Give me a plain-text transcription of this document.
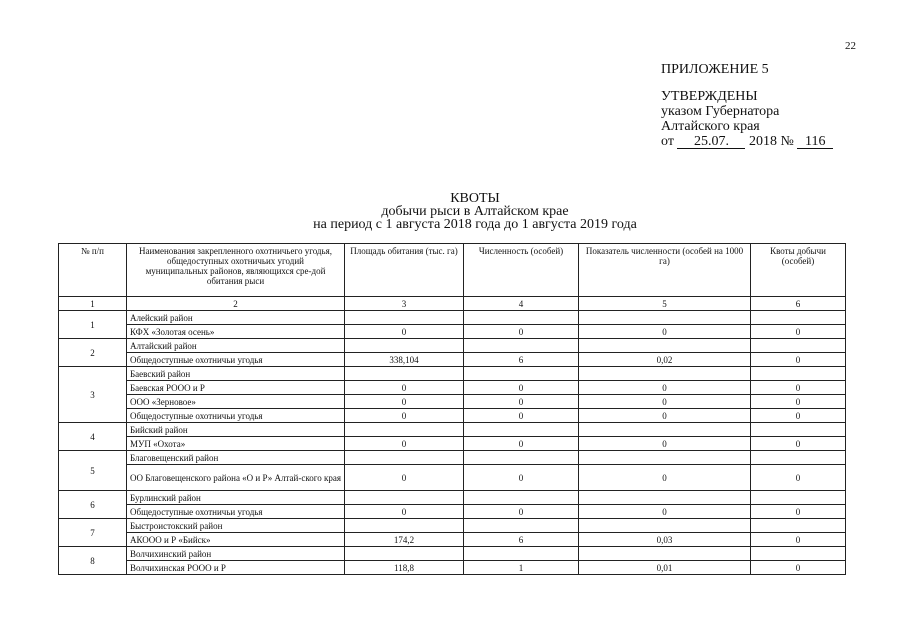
22
ПРИЛОЖЕНИЕ 5
УТВЕРЖДЕНЫ
указом Губернатора
Алтайского края
от 25.07. 2018 № 116
КВОТЫ
добычи рыси в Алтайском крае
на период с 1 августа 2018 года до 1 августа 2019 года
№ п/п	Наименования закрепленного охотничьего угодья, общедоступных охотничьих угодий муниципальных районов, являющихся сре-дой обитания рыси	Площадь обитания (тыс. га)	Численность (особей)	Показатель численности (особей на 1000 га)	Квоты добычи (особей)
1	2	3	4	5	6
1	Алейский район				
	КФХ «Золотая осень»	0	0	0	0
2	Алтайский район				
	Общедоступные охотничьи угодья	338,104	6	0,02	0
3	Баевский район				
	Баевская РООО и Р	0	0	0	0
	ООО «Зерновое»	0	0	0	0
	Общедоступные охотничьи угодья	0	0	0	0
4	Бийский район				
	МУП «Охота»	0	0	0	0
5	Благовещенский район				
	ОО Благовещенского района «О и Р» Алтай-ского края	0	0	0	0
6	Бурлинский район				
	Общедоступные охотничьи угодья	0	0	0	0
7	Быстроистокский район				
	АКООО и Р «Бийск»	174,2	6	0,03	0
8	Волчихинский район				
	Волчихинская РООО и Р	118,8	1	0,01	0
